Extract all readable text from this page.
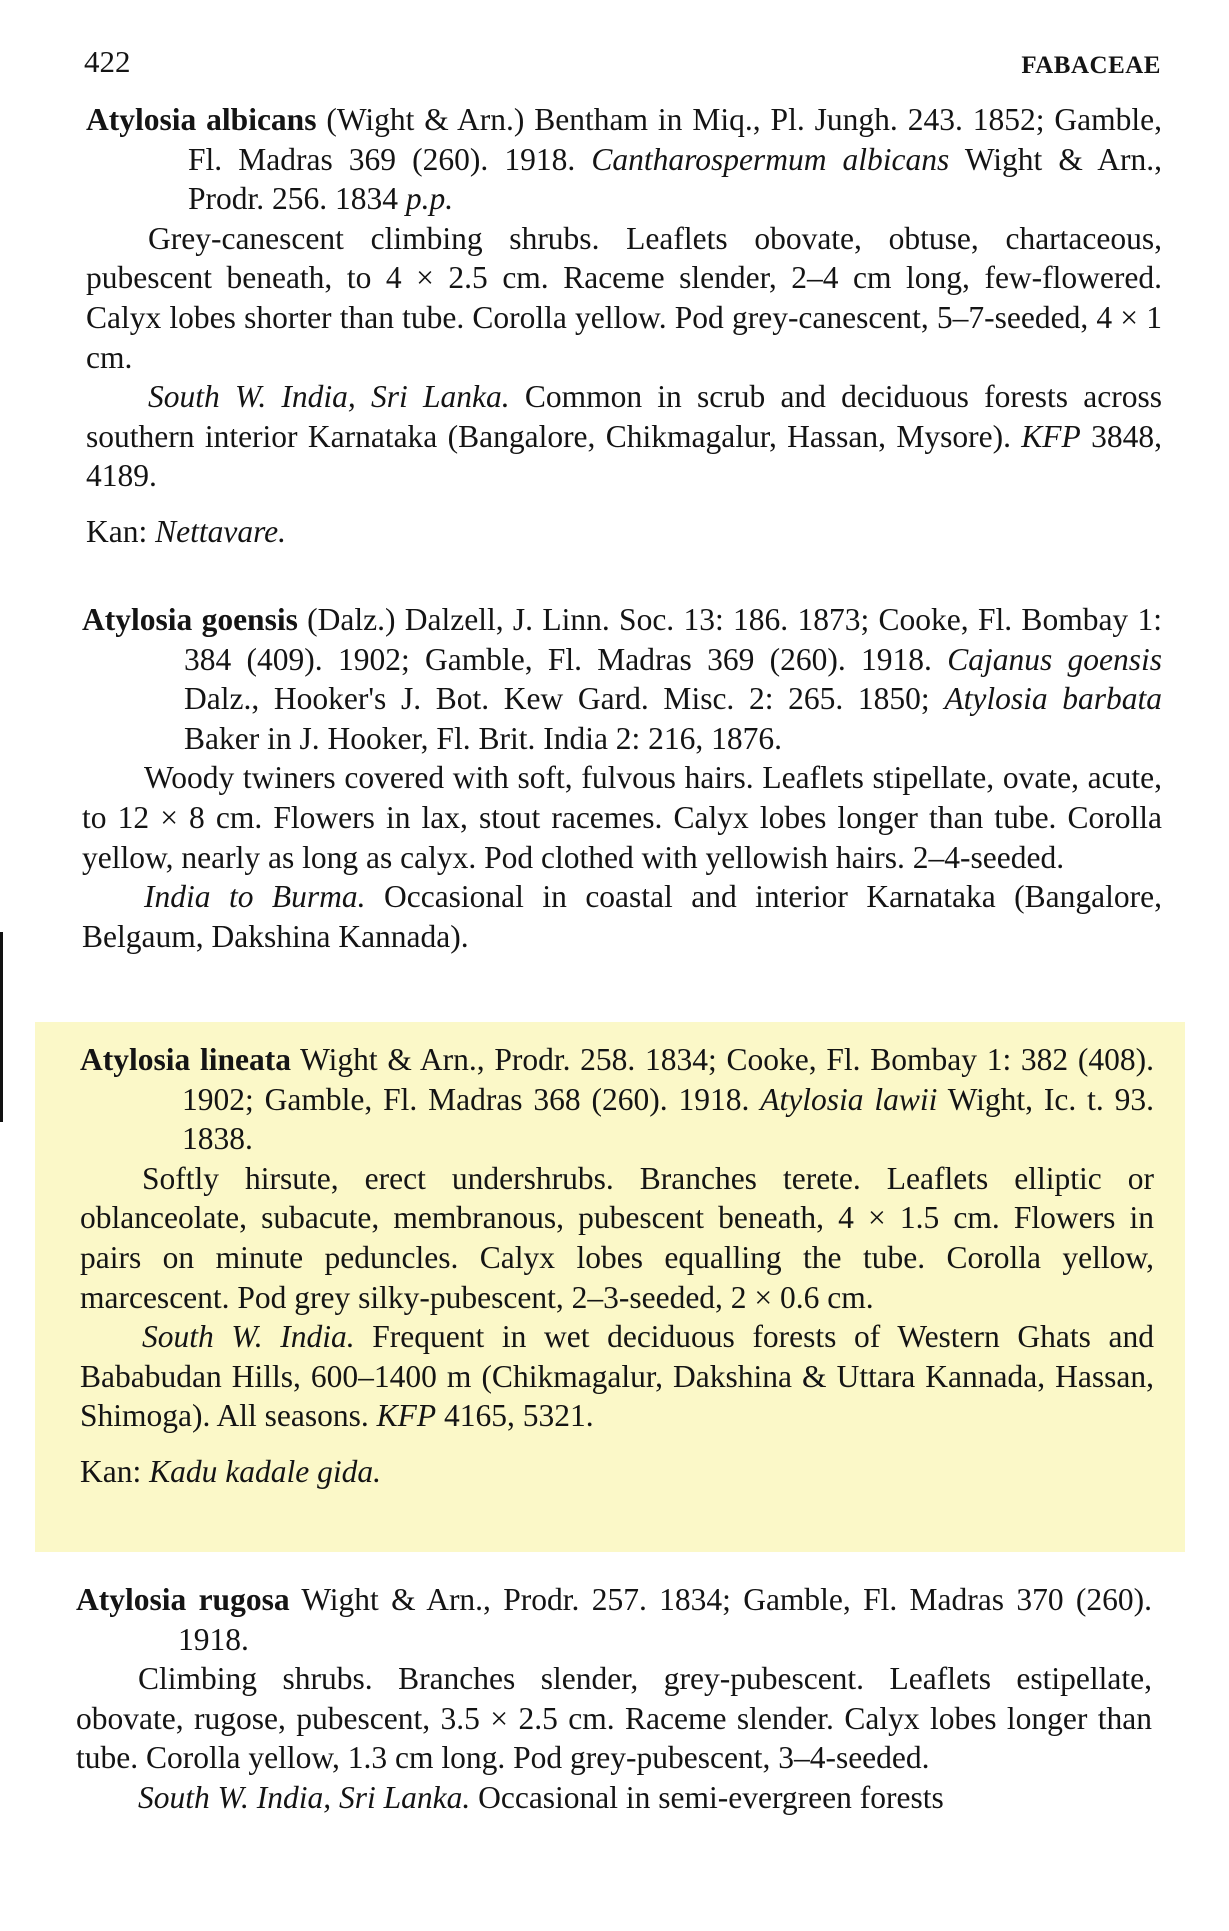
422	FABACEAE

Atylosia albicans (Wight & Arn.) Bentham in Miq., Pl. Jungh. 243. 1852; Gamble, Fl. Madras 369 (260). 1918. Cantharospermum albicans Wight & Arn., Prodr. 256. 1834 p.p.

Grey-canescent climbing shrubs. Leaflets obovate, obtuse, chartaceous, pubescent beneath, to 4 × 2.5 cm. Raceme slender, 2–4 cm long, few-flowered. Calyx lobes shorter than tube. Corolla yellow. Pod grey-canescent, 5–7-seeded, 4 × 1 cm.

South W. India, Sri Lanka. Common in scrub and deciduous forests across southern interior Karnataka (Bangalore, Chikmagalur, Hassan, Mysore). KFP 3848, 4189.

Kan: Nettavare.

Atylosia goensis (Dalz.) Dalzell, J. Linn. Soc. 13: 186. 1873; Cooke, Fl. Bombay 1: 384 (409). 1902; Gamble, Fl. Madras 369 (260). 1918. Cajanus goensis Dalz., Hooker's J. Bot. Kew Gard. Misc. 2: 265. 1850; Atylosia barbata Baker in J. Hooker, Fl. Brit. India 2: 216, 1876.

Woody twiners covered with soft, fulvous hairs. Leaflets stipellate, ovate, acute, to 12 × 8 cm. Flowers in lax, stout racemes. Calyx lobes longer than tube. Corolla yellow, nearly as long as calyx. Pod clothed with yellowish hairs. 2–4-seeded.

India to Burma. Occasional in coastal and interior Karnataka (Bangalore, Belgaum, Dakshina Kannada).

Atylosia lineata Wight & Arn., Prodr. 258. 1834; Cooke, Fl. Bombay 1: 382 (408). 1902; Gamble, Fl. Madras 368 (260). 1918. Atylosia lawii Wight, Ic. t. 93. 1838.

Softly hirsute, erect undershrubs. Branches terete. Leaflets elliptic or oblanceolate, subacute, membranous, pubescent beneath, 4 × 1.5 cm. Flowers in pairs on minute peduncles. Calyx lobes equalling the tube. Corolla yellow, marcescent. Pod grey silky-pubescent, 2–3-seeded, 2 × 0.6 cm.

South W. India. Frequent in wet deciduous forests of Western Ghats and Bababudan Hills, 600–1400 m (Chikmagalur, Dakshina & Uttara Kannada, Hassan, Shimoga). All seasons. KFP 4165, 5321.

Kan: Kadu kadale gida.

Atylosia rugosa Wight & Arn., Prodr. 257. 1834; Gamble, Fl. Madras 370 (260). 1918.

Climbing shrubs. Branches slender, grey-pubescent. Leaflets estipellate, obovate, rugose, pubescent, 3.5 × 2.5 cm. Raceme slender. Calyx lobes longer than tube. Corolla yellow, 1.3 cm long. Pod grey-pubescent, 3–4-seeded.

South W. India, Sri Lanka. Occasional in semi-evergreen forests
